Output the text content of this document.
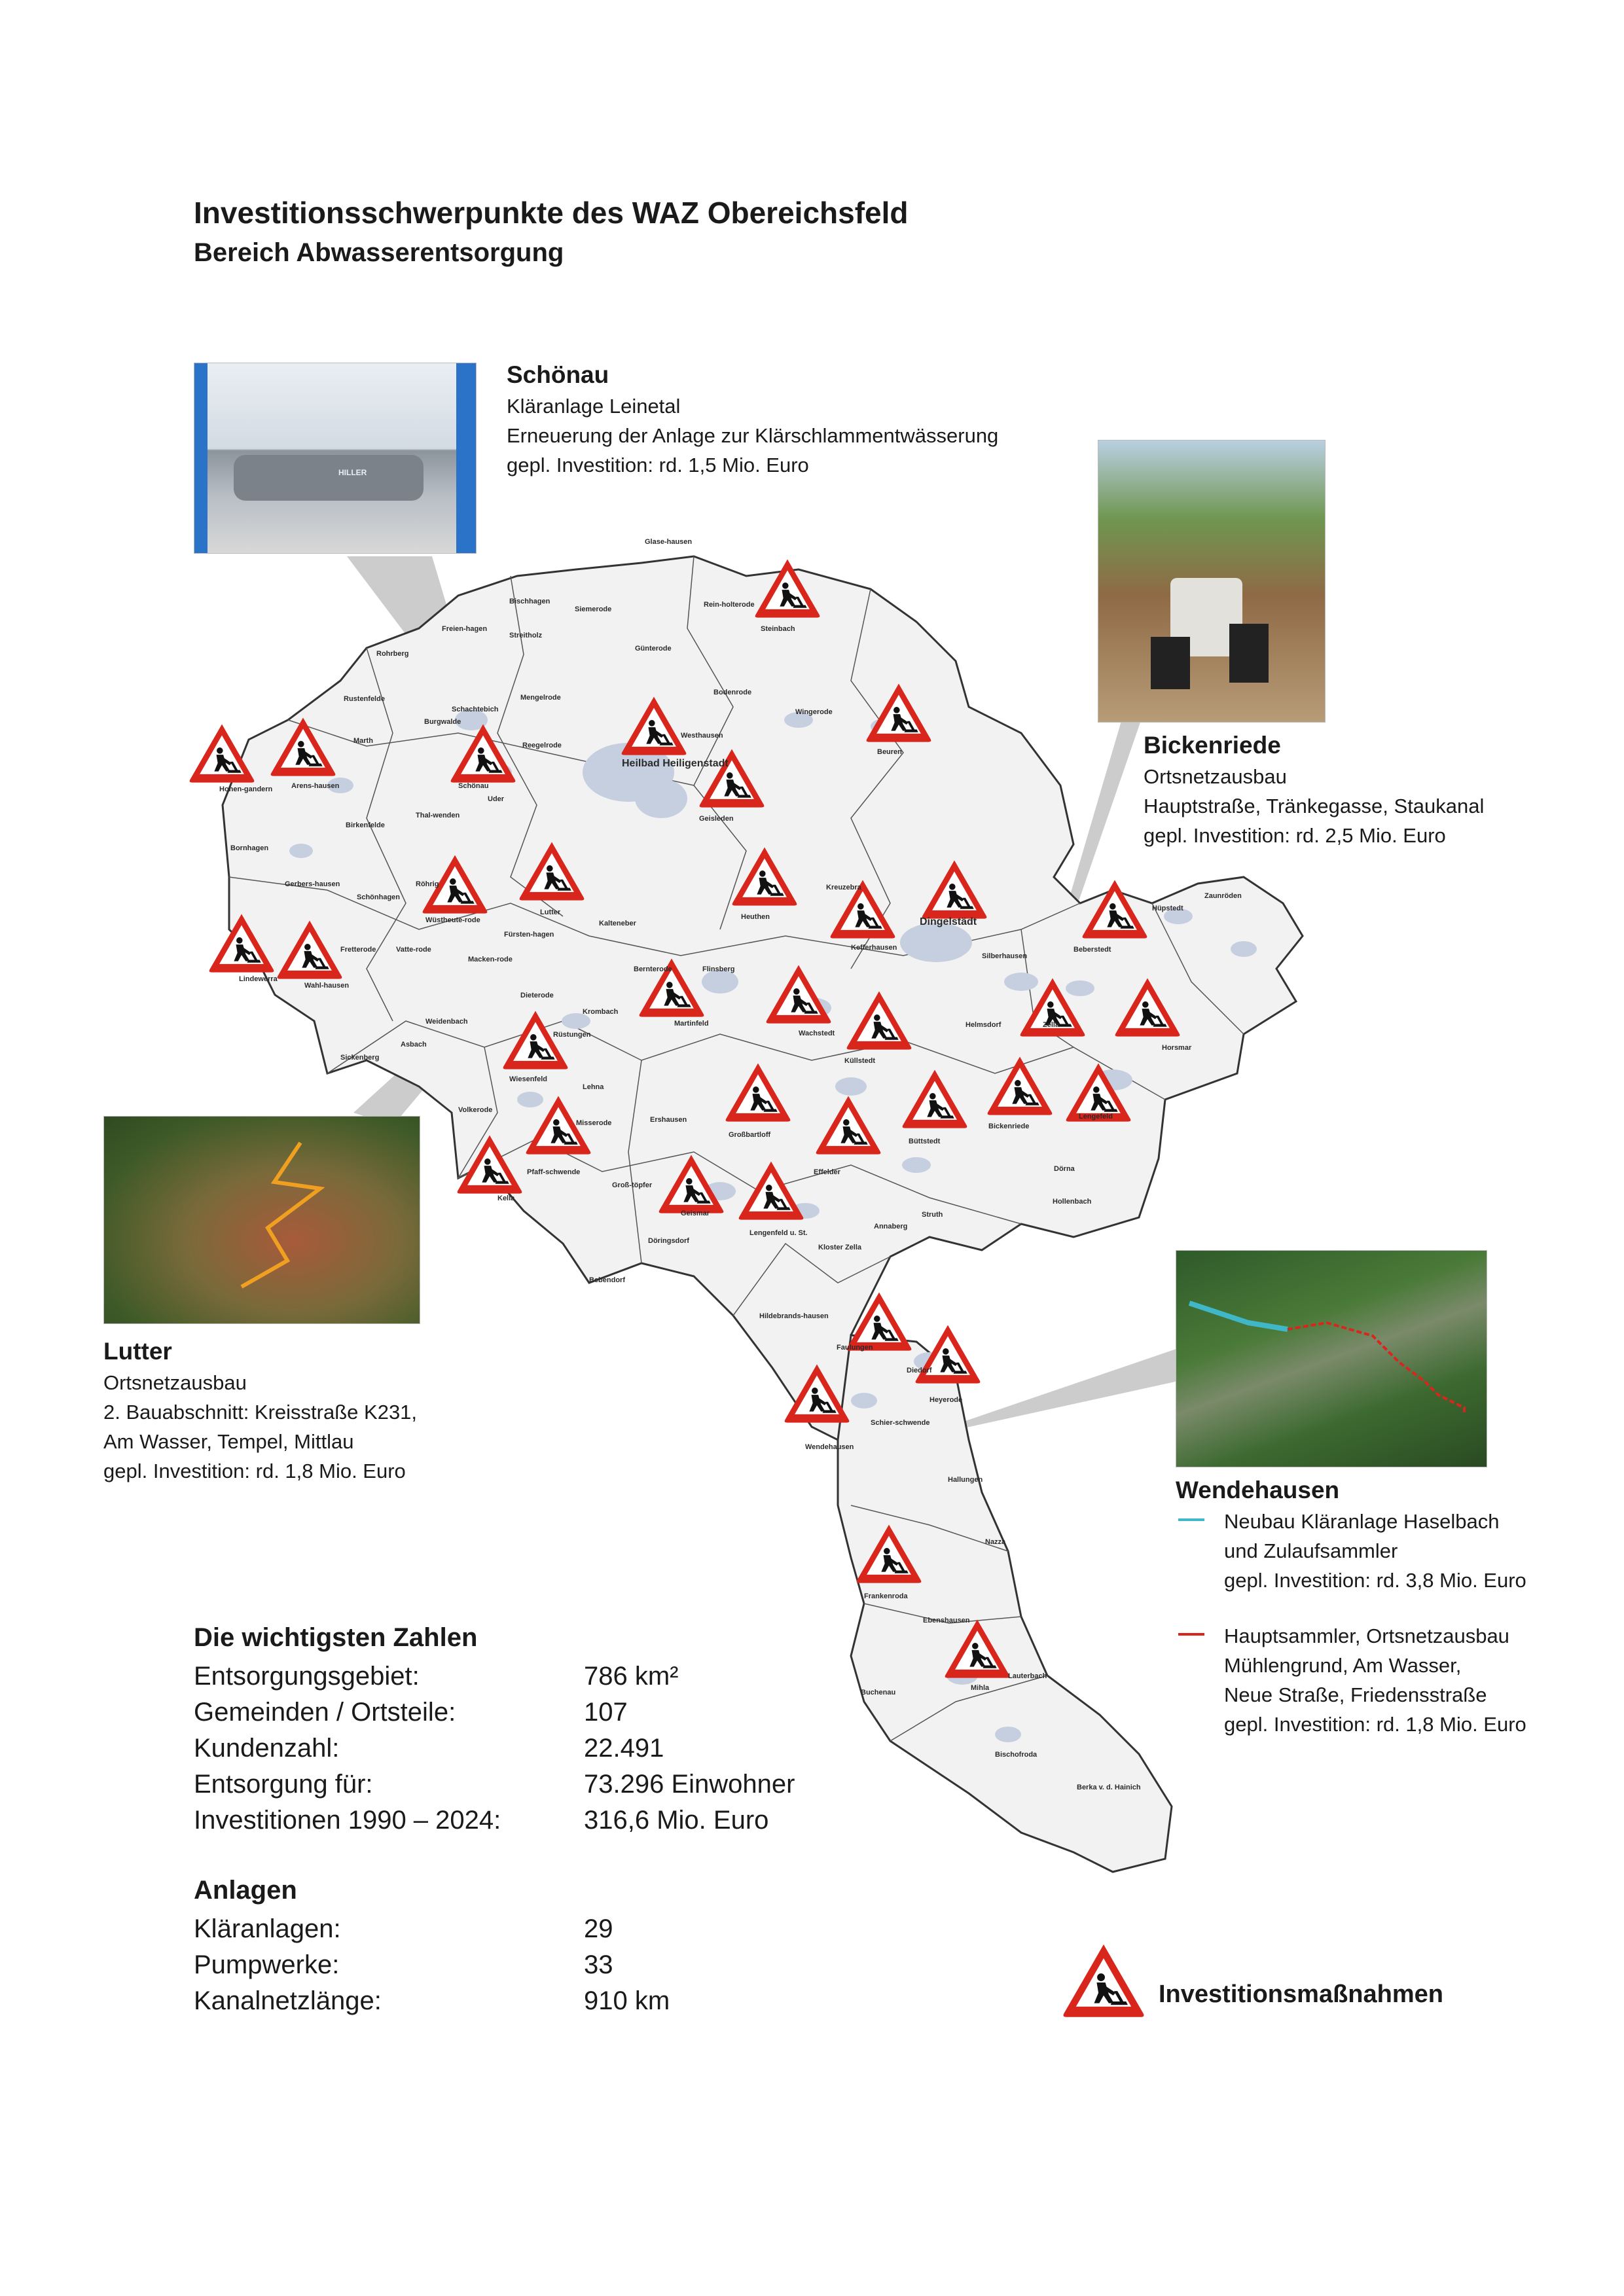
Investitionsschwerpunkte des WAZ Obereichsfeld
Bereich Abwasserentsorgung
Glase-hausen
Bischhagen
Siemerode
Rein-holterode
Steinbach
Freien-hagen
Streitholz
Günterode
Rohrberg
Mengelrode
Bodenrode
Rustenfelde
Schachtebich	Wingerode
Burgwalde
Marth
Reegelrode
Westhausen
Beuren
Hohen-gandern	Arens-hausen	Schönau
Uder
Heilbad Heiligenstadt
Thal-wenden
Birkenfelde
Geisleden
Bornhagen
Gerbers-hausen
Schönhagen
Röhrig
Lutter
Heuthen
Kreuzebra
Dingelstädt
Hüpstedt
Zaunröden
Wüstheute-rode
Fürsten-hagen
Kalteneber
Fretterode	Vatte-rode
Macken-rode
Kefferhausen
Silberhausen
Beberstedt
Lindewerra
Wahl-hausen
Bernterode	Flinsberg
Dieterode
Krombach
Martinfeld
Wachstedt
Helmsdorf	Zella
Horsmar
Weidenbach
Rüstungen
Asbach
Sickenberg	Küllstedt
Wiesenfeld
Lehna
Bickenriede
Lengefeld
Volkerode
Misserode	Ershausen
Großbartloff
Büttstedt
Dörna
Hollenbach
Pfaff-schwende	Effelder
Kella
Groß-töpfer
Geismar
Lengenfeld u. St.
Struth
Döringsdorf
Kloster Zella
Annaberg
Bebendorf
Hildebrands-hausen
Faulungen
Diedorf
Heyerode
Wendehausen
Schier-schwende
Hallungen
Nazza
Frankenroda
Ebenshausen
Buchenau
Mihla
Lauterbach
Bischofroda
Berka v. d. Hainich
HILLER
Schönau
Kläranlage Leinetal
Erneuerung der Anlage zur Klärschlammentwässerung
gepl. Investition: rd. 1,5 Mio. Euro
Bickenriede
Ortsnetzausbau
Hauptstraße, Tränkegasse, Staukanal
gepl. Investition: rd. 2,5 Mio. Euro
Lutter
Ortsnetzausbau
2. Bauabschnitt: Kreisstraße K231,
Am Wasser, Tempel, Mittlau
gepl. Investition: rd. 1,8 Mio. Euro
Wendehausen
Neubau Kläranlage Haselbach
und Zulaufsammler
gepl. Investition: rd. 3,8 Mio. Euro
Hauptsammler, Ortsnetzausbau
Mühlengrund, Am Wasser,
Neue Straße, Friedensstraße
gepl. Investition: rd. 1,8 Mio. Euro
Die wichtigsten Zahlen
Entsorgungsgebiet:	786 km²
Gemeinden / Ortsteile:	107
Kundenzahl:	22.491
Entsorgung für:	73.296 Einwohner
Investitionen 1990 – 2024:	316,6 Mio. Euro
Anlagen
Kläranlagen:	29
Pumpwerke:	33
Kanalnetzlänge:	910 km	Investitionsmaßnahmen
